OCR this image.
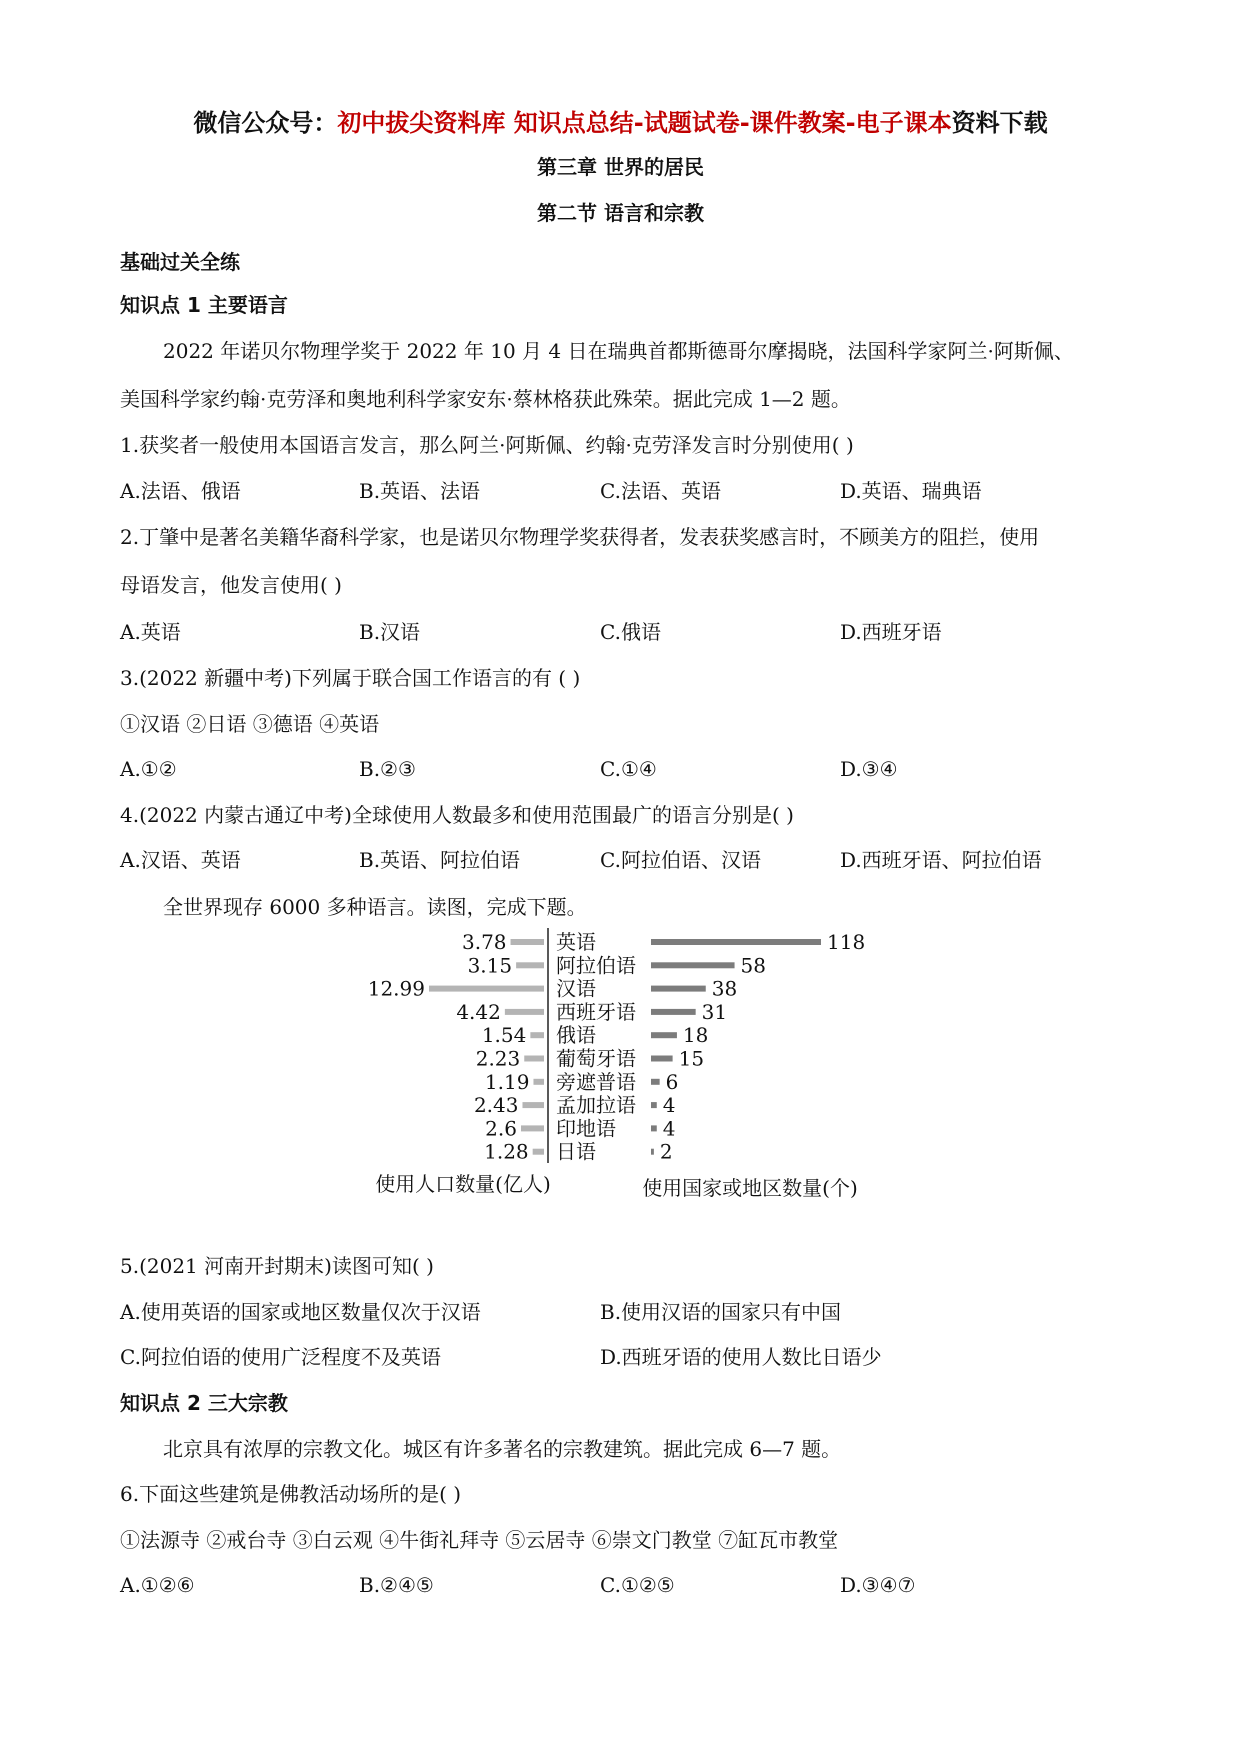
微信公众号：初中拔尖资料库 知识点总结-试题试卷-课件教案-电子课本资料下载
第三章 世界的居民
第二节 语言和宗教
基础过关全练
知识点 1 主要语言
2022 年诺贝尔物理学奖于 2022 年 10 月 4 日在瑞典首都斯德哥尔摩揭晓，法国科学家阿兰·阿斯佩、
美国科学家约翰·克劳泽和奥地利科学家安东·蔡林格获此殊荣。据此完成 1—2 题。
1.获奖者一般使用本国语言发言，那么阿兰·阿斯佩、约翰·克劳泽发言时分别使用( )
A.法语、俄语	B.英语、法语	C.法语、英语	D.英语、瑞典语
2.丁肇中是著名美籍华裔科学家，也是诺贝尔物理学奖获得者，发表获奖感言时，不顾美方的阻拦，使用
母语发言，他发言使用( )
A.英语	B.汉语	C.俄语	D.西班牙语
3.(2022 新疆中考)下列属于联合国工作语言的有 ( )
①汉语 ②日语 ③德语 ④英语
A.①②	B.②③	C.①④	D.③④
4.(2022 内蒙古通辽中考)全球使用人数最多和使用范围最广的语言分别是( )
A.汉语、英语	B.英语、阿拉伯语	C.阿拉伯语、汉语	D.西班牙语、阿拉伯语
全世界现存 6000 多种语言。读图，完成下题。
3.78 英语	118
3.15 阿拉伯语	58
12.99	汉语	38
4.42	西班牙语	31
1.54 俄语	18
2.23 葡萄牙语 15
1.19 旁遮普语 6
2.43 孟加拉语 4
2.6 印地语 4
1.28 日语	2
使用人口数量(亿人)	使用国家或地区数量(个)
5.(2021 河南开封期末)读图可知( )
A.使用英语的国家或地区数量仅次于汉语	B.使用汉语的国家只有中国
C.阿拉伯语的使用广泛程度不及英语	D.西班牙语的使用人数比日语少
知识点 2 三大宗教
北京具有浓厚的宗教文化。城区有许多著名的宗教建筑。据此完成 6—7 题。
6.下面这些建筑是佛教活动场所的是( )
①法源寺 ②戒台寺 ③白云观 ④牛街礼拜寺 ⑤云居寺 ⑥崇文门教堂 ⑦缸瓦市教堂
A.①②⑥	B.②④⑤	C.①②⑤	D.③④⑦
